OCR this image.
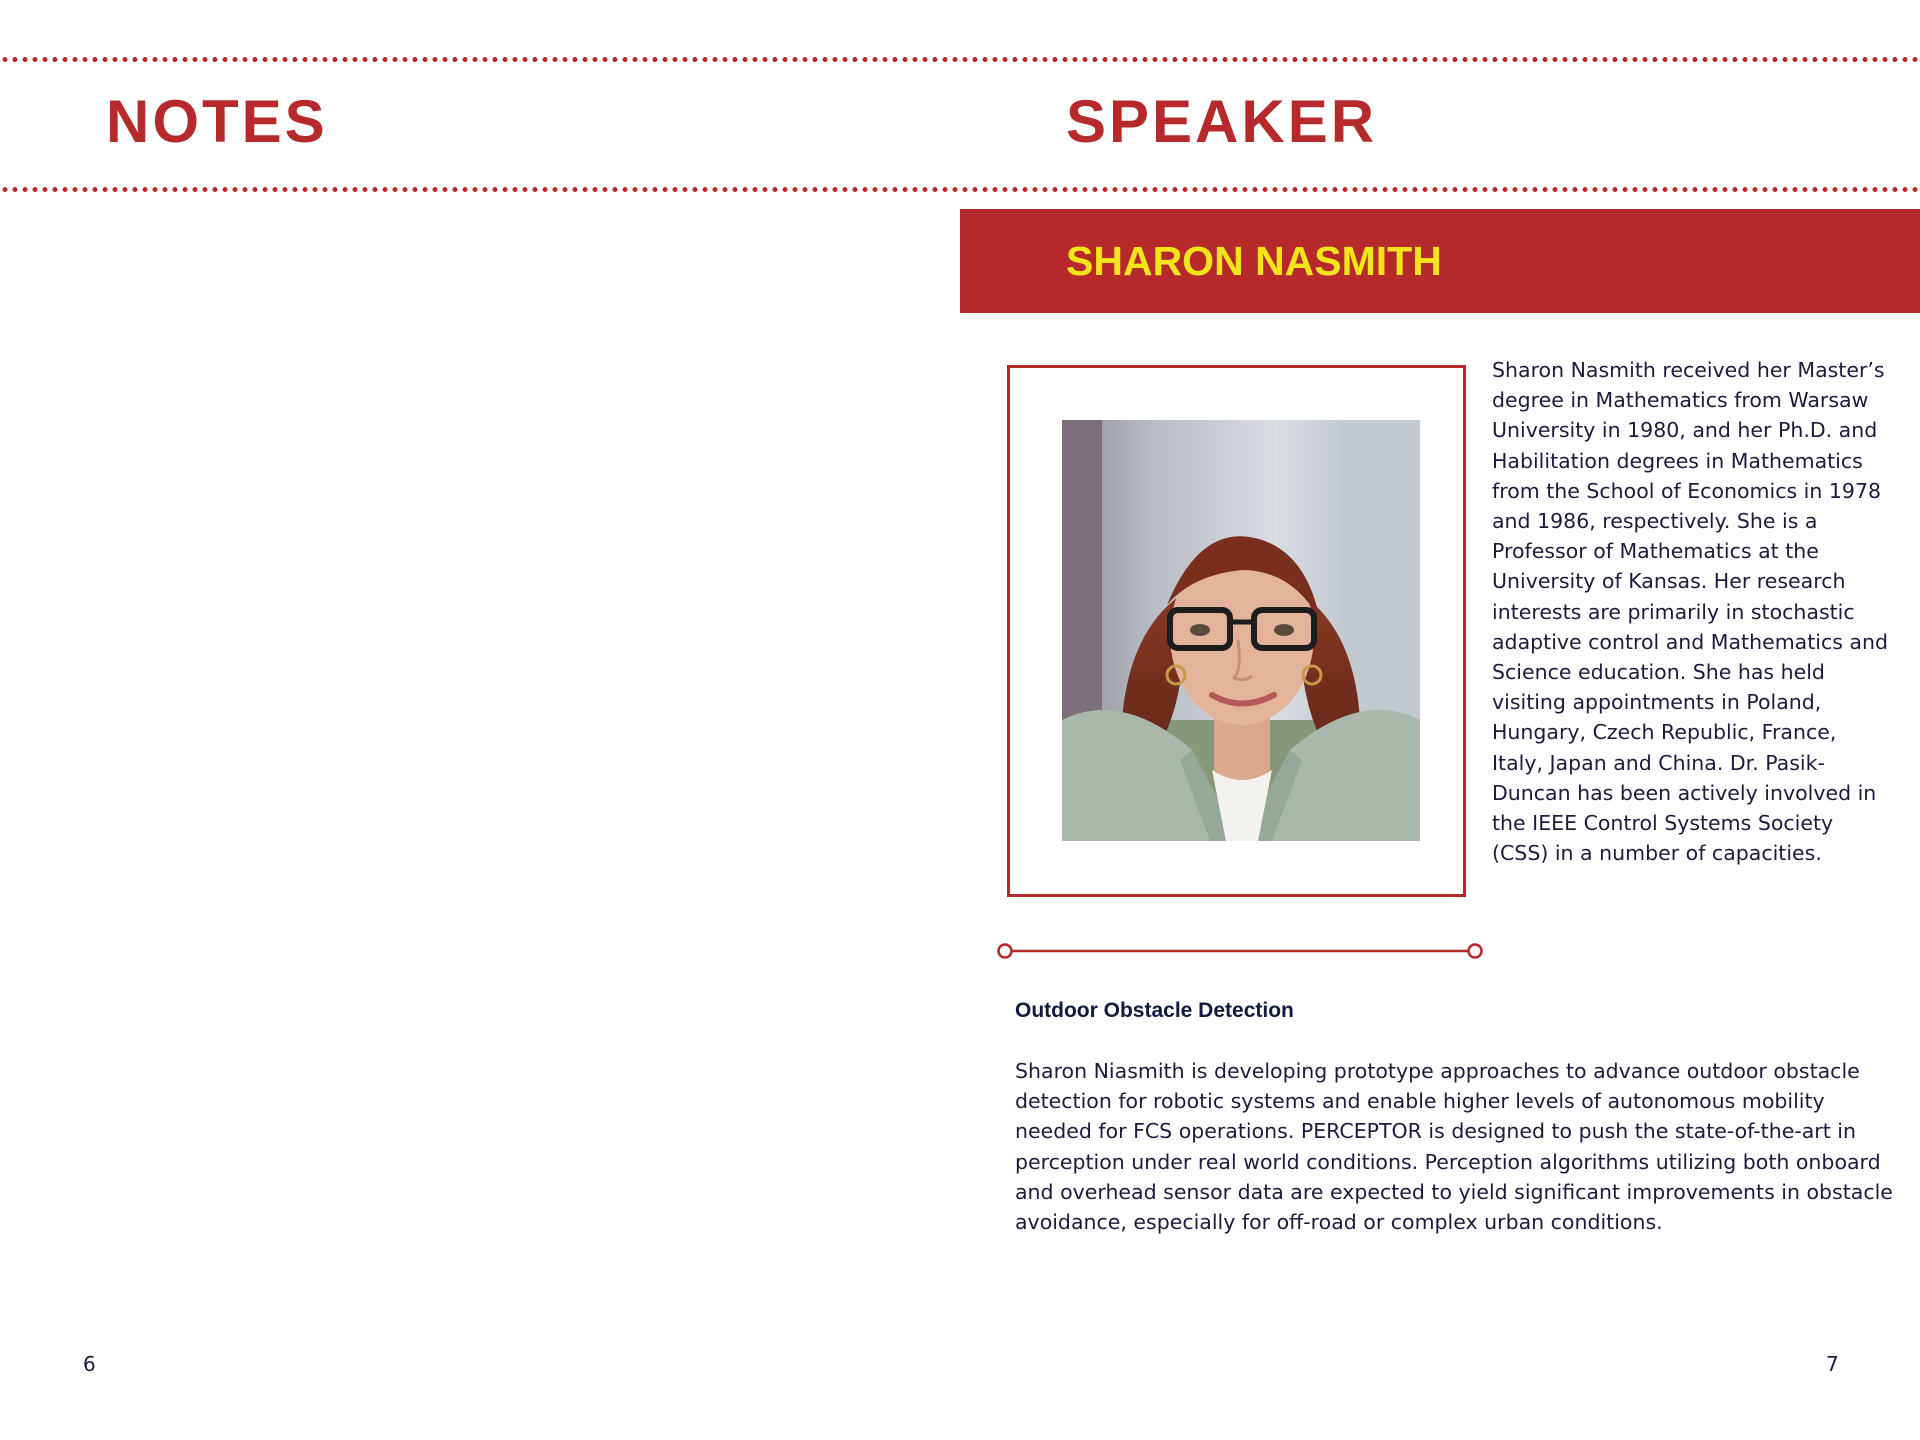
NOTES	SPEAKER
SHARON NASMITH

Sharon Nasmith received her Master’s degree in Mathematics from Warsaw University in 1980, and her Ph.D. and Habilitation degrees in Mathematics from the School of Economics in 1978 and 1986, respectively. She is a Professor of Mathematics at the University of Kansas. Her research interests are primarily in stochastic adaptive control and Mathematics and Science education. She has held visiting appointments in Poland, Hungary, Czech Republic, France, Italy, Japan and China. Dr. Pasik-Duncan has been actively involved in the IEEE Control Systems Society (CSS) in a number of capacities.

Outdoor Obstacle Detection

Sharon Niasmith is developing prototype approaches to advance outdoor obstacle detection for robotic systems and enable higher levels of autonomous mobility needed for FCS operations. PERCEPTOR is designed to push the state-of-the-art in perception under real world conditions. Perception algorithms utilizing both onboard and overhead sensor data are expected to yield significant improvements in obstacle avoidance, especially for off-road or complex urban conditions.

6	7
